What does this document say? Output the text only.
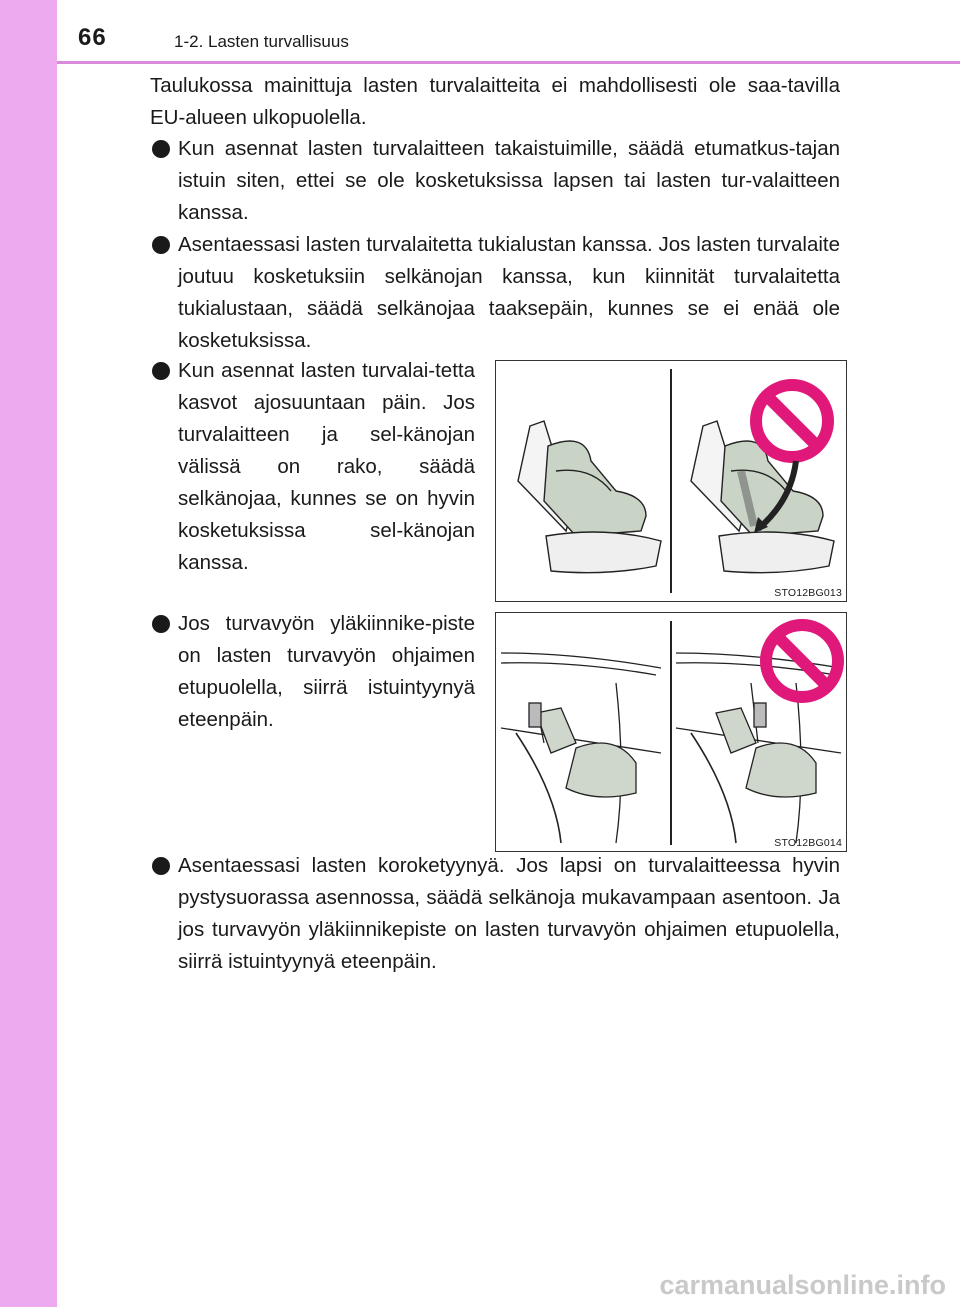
66	1-2. Lasten turvallisuus
Taulukossa mainittuja lasten turvalaitteita ei mahdollisesti ole saa-tavilla EU-alueen ulkopuolella.
Kun asennat lasten turvalaitteen takaistuimille, säädä etumatkus-tajan istuin siten, ettei se ole kosketuksissa lapsen tai lasten tur-valaitteen kanssa.
Asentaessasi lasten turvalaitetta tukialustan kanssa. Jos lasten turvalaite joutuu kosketuksiin selkänojan kanssa, kun kiinnität turvalaitetta tukialustaan, säädä selkänojaa taaksepäin, kunnes se ei enää ole kosketuksissa.
Kun asennat lasten turvalai-tetta kasvot ajosuuntaan päin. Jos turvalaitteen ja sel-känojan välissä on rako, säädä selkänojaa, kunnes se on hyvin kosketuksissa sel-känojan kanssa.
STO12BG013
Jos turvavyön yläkiinnike-piste on lasten turvavyön ohjaimen etupuolella, siirrä istuintyynyä eteenpäin.
STO12BG014
Asentaessasi lasten koroketyynyä. Jos lapsi on turvalaitteessa hyvin pystysuorassa asennossa, säädä selkänoja mukavampaan asentoon. Ja jos turvavyön yläkiinnikepiste on lasten turvavyön ohjaimen etupuolella, siirrä istuintyynyä eteenpäin.
carmanualsonline.info
